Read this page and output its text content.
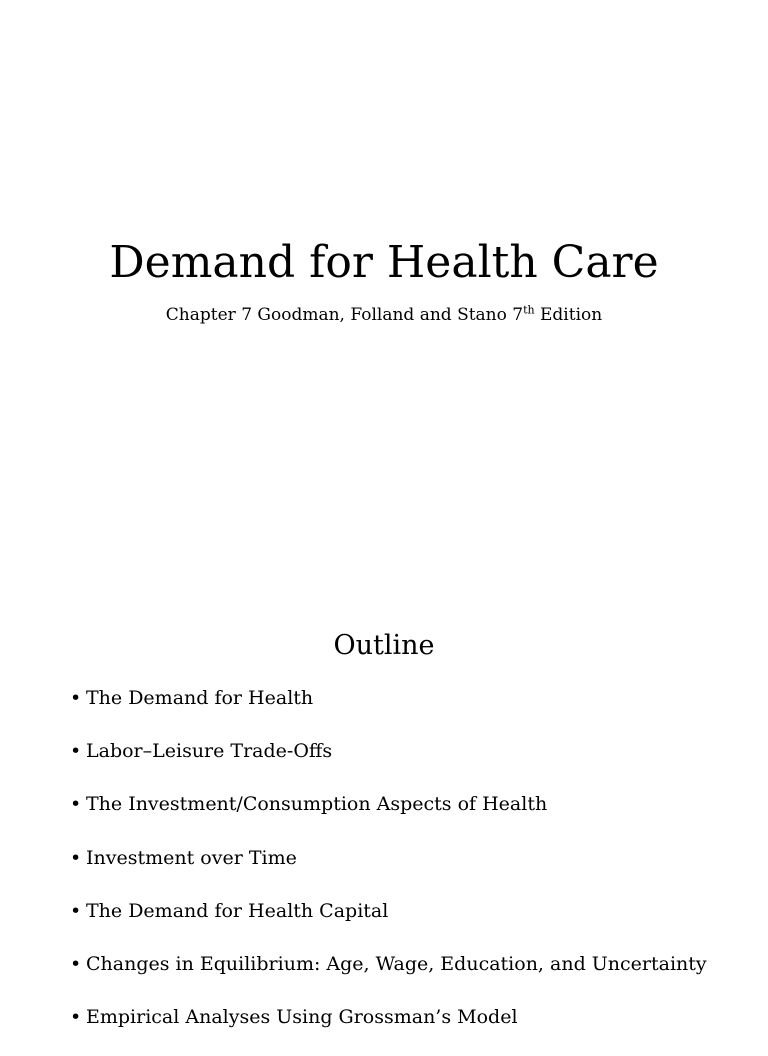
Demand for Health Care

Chapter 7 Goodman, Folland and Stano 7th Edition

Outline
• The Demand for Health
• Labor–Leisure Trade-Offs
• The Investment/Consumption Aspects of Health
• Investment over Time
• The Demand for Health Capital
• Changes in Equilibrium: Age, Wage, Education, and Uncertainty
• Empirical Analyses Using Grossman’s Model
